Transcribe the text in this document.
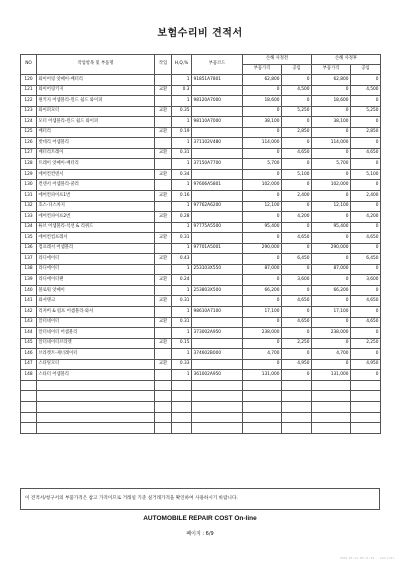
보험수리비 견적서
NO	작업항목 및 부품명	작업	H,Q,%	부품코드	손해 사정전		손해 사정후	
					부품가격	공임	부품가격	공임
120	와이어링 앗쎄이-배터리		1	91851A7801	62,800	0	62,800	0
121	와이어링키지	교환	0.3		0	4,500	0	4,500
122	원키지 어셈블리-윈드 쉴드 와이퍼		1	98120A7000	18,600	0	18,600	0
123	와이퍼모터	교환	0.35		0	5,250	0	5,250
124	모터 어셈블리-윈드 쉴드 와이퍼		1	98110A7000	38,100	0	38,100	0
125	배터리	교환	0.19		0	2,850	0	2,850
126	밧데리 어셈블리		1	371102V480	114,000	0	114,000	0
127	배터리트레이	교환	0.31		0	4,650	0	4,650
128	트레이 앗쎄이-배터리		1	37150A7700	5,700	0	5,700	0
129	에어컨컨덴서	교환	0.34		0	5,100	0	5,100
130	컨덴서 어셈블리-쿨러		1	97606A5801	102,000	0	102,000	0
131	에어컨파이프1번	교환	0.16		0	2,400	0	2,400
132	호스-디스차지		1	97762A6200	12,100	0	12,100	0
133	에어컨파이프2번	교환	0.28		0	4,200	0	4,200
134	튜브 어셈블리-석션 & 리퀴드		1	97775A5500	95,400	0	95,400	0
135	에어컨컴프레서	교환	0.31		0	4,650	0	4,650
136	컴프레서 어셈블리		1	97701A5001	290,000	0	290,000	0
137	라디에이터	교환	0.43		0	6,450	0	6,450
138	라디에이터		1	253103X550	87,000	0	87,000	0
139	라디에이터팬	교환	0.24		0	3,600	0	3,600
140	블로워 앗쎄이		1	253803X500	66,200	0	66,200	0
141	와셔탱크	교환	0.31		0	4,650	0	4,650
142	리져버 & 펌프 어셈블리-와셔		1	98610A7100	17,100	0	17,100	0
143	알터네이터	교환	0.31		0	4,650	0	4,650
144	알터네이터 어셈블리		1	373002A950	238,000	0	238,000	0
145	알터네이터브라켓	교환	0.15		0	2,250	0	2,250
146	브라켓트-제너레이터		1	374602B000	4,700	0	4,700	0
147	스타팅모터	교환	0.33		0	4,950	0	4,950
148	스타터 어셈블리		1	361002A950	131,000	0	131,000	0

이 견적서/청구서의 부품가격은 참고 가격이므로 거래일 기준 실거래가격을 확인하여 사용하시기 바랍니다.
AUTOMOBILE REPAIR COST On-line
페이지 : 6/9
2024-03-14 08:11:49 - 123/1/01
